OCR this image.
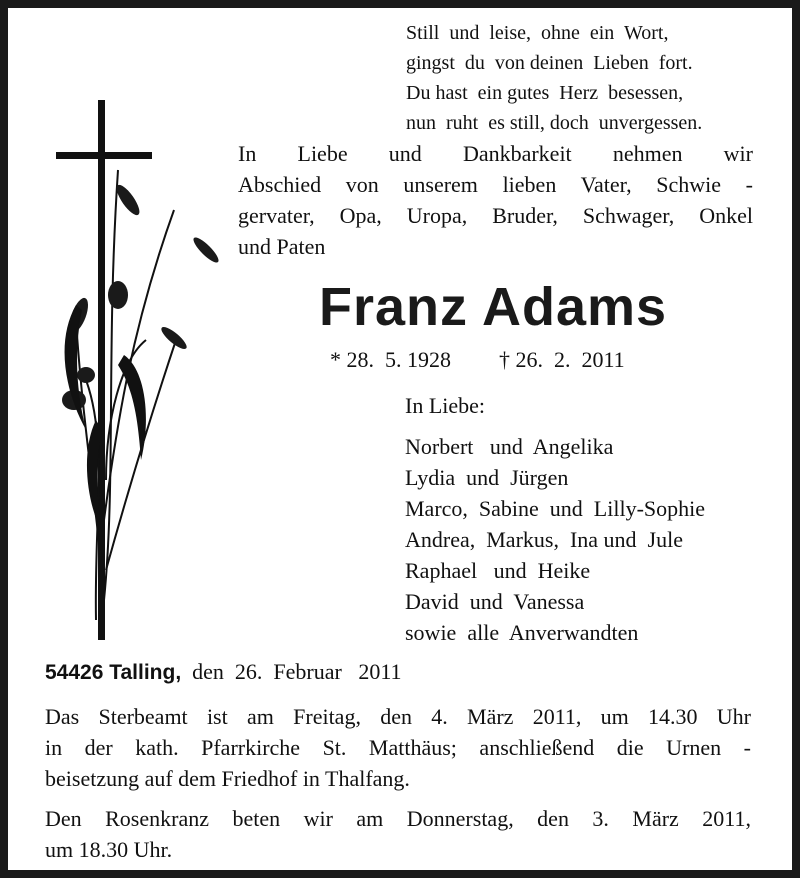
Still  und  leise,  ohne  ein  Wort,
gingst  du  von deinen  Lieben  fort.
Du hast  ein gutes  Herz  besessen,
nun  ruht  es still, doch  unvergessen.
In Liebe und Dankbarkeit nehmen wir
Abschied von unserem lieben Vater, Schwie -
gervater, Opa, Uropa, Bruder, Schwager, Onkel
und Paten
Franz Adams
* 28.  5. 1928 † 26.  2.  2011
In Liebe:
Norbert   und  Angelika
Lydia  und  Jürgen
Marco,  Sabine  und  Lilly-Sophie
Andrea,  Markus,  Ina und  Jule
Raphael   und  Heike
David  und  Vanessa
sowie  alle  Anverwandten
54426 Talling,  den  26.  Februar   2011
Das Sterbeamt ist am Freitag, den 4. März 2011, um 14.30 Uhr
in der kath. Pfarrkirche St. Matthäus; anschließend die Urnen -
beisetzung auf dem Friedhof in Thalfang.
Den Rosenkranz beten wir am Donnerstag, den 3. März 2011,
um 18.30 Uhr.
